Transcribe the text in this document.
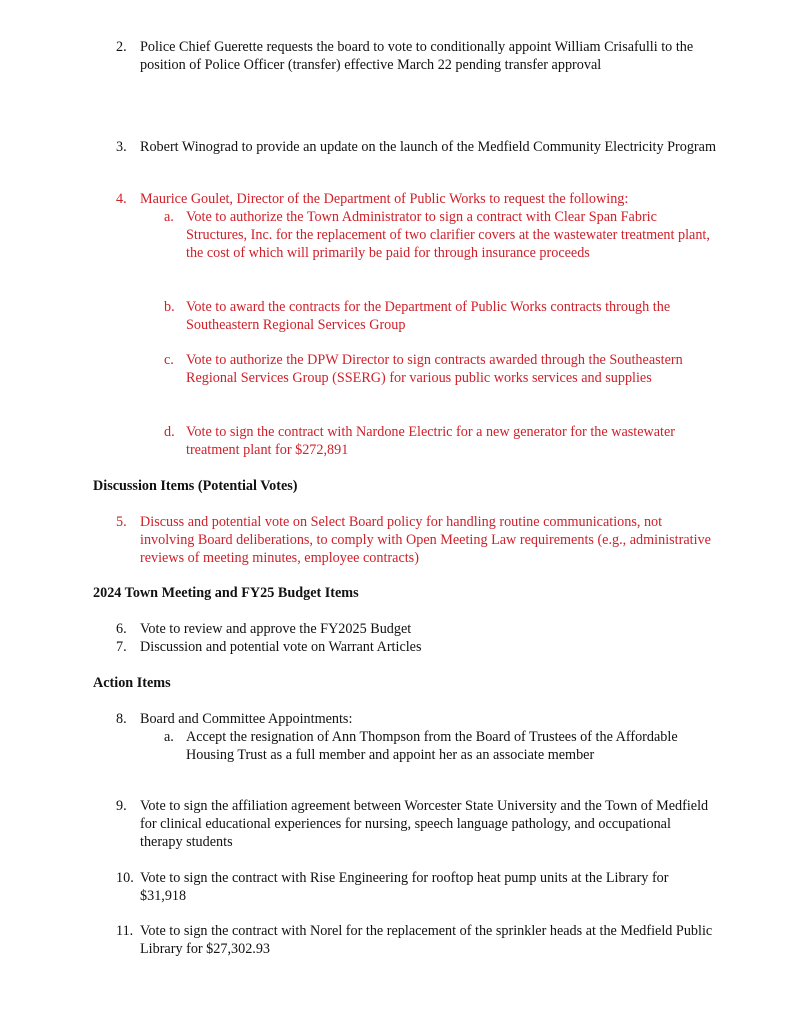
2. Police Chief Guerette requests the board to vote to conditionally appoint William Crisafulli to the position of Police Officer (transfer) effective March 22 pending transfer approval
3. Robert Winograd to provide an update on the launch of the Medfield Community Electricity Program
4. Maurice Goulet, Director of the Department of Public Works to request the following:
a. Vote to authorize the Town Administrator to sign a contract with Clear Span Fabric Structures, Inc. for the replacement of two clarifier covers at the wastewater treatment plant, the cost of which will primarily be paid for through insurance proceeds
b. Vote to award the contracts for the Department of Public Works contracts through the Southeastern Regional Services Group
c. Vote to authorize the DPW Director to sign contracts awarded through the Southeastern Regional Services Group (SSERG) for various public works services and supplies
d. Vote to sign the contract with Nardone Electric for a new generator for the wastewater treatment plant for $272,891
Discussion Items (Potential Votes)
5. Discuss and potential vote on Select Board policy for handling routine communications, not involving Board deliberations, to comply with Open Meeting Law requirements (e.g., administrative reviews of meeting minutes, employee contracts)
2024 Town Meeting and FY25 Budget Items
6. Vote to review and approve the FY2025 Budget
7. Discussion and potential vote on Warrant Articles
Action Items
8. Board and Committee Appointments:
a. Accept the resignation of Ann Thompson from the Board of Trustees of the Affordable Housing Trust as a full member and appoint her as an associate member
9. Vote to sign the affiliation agreement between Worcester State University and the Town of Medfield for clinical educational experiences for nursing, speech language pathology, and occupational therapy students
10. Vote to sign the contract with Rise Engineering for rooftop heat pump units at the Library for $31,918
11. Vote to sign the contract with Norel for the replacement of the sprinkler heads at the Medfield Public Library for $27,302.93
